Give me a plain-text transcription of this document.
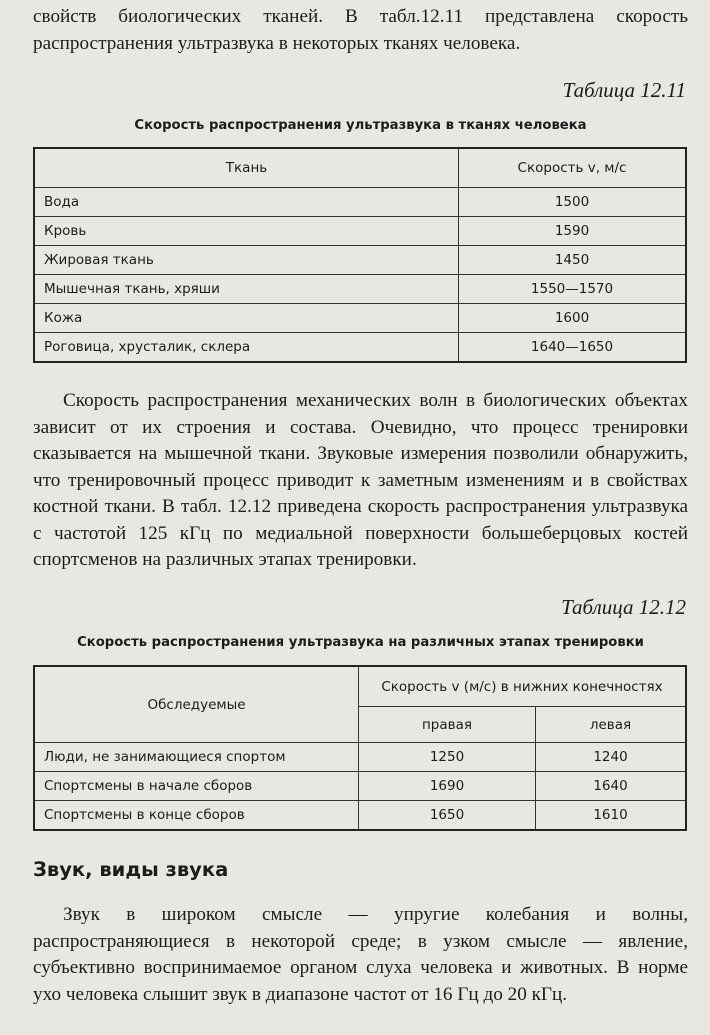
свойств биологических тканей. В табл.12.11 представлена скорость распространения ультразвука в некоторых тканях человека.

Таблица 12.11

Скорость распространения ультразвука в тканях человека

Ткань	Скорость v, м/с
Вода	1500
Кровь	1590
Жировая ткань	1450
Мышечная ткань, хряши	1550—1570
Кожа	1600
Роговица, хрусталик, склера	1640—1650

Скорость распространения механических волн в биологических объектах зависит от их строения и состава. Очевидно, что процесс тренировки сказывается на мышечной ткани. Звуковые измерения позволили обнаружить, что тренировочный процесс приводит к заметным изменениям и в свойствах костной ткани. В табл. 12.12 приведена скорость распространения ультразвука с частотой 125 кГц по медиальной поверхности большеберцовых костей спортсменов на различных этапах тренировки.

Таблица 12.12

Скорость распространения ультразвука на различных этапах тренировки

Обследуемые	Скорость v (м/с) в нижних конечностях	
	правая	левая
Люди, не занимающиеся спортом	1250	1240
Спортсмены в начале сборов	1690	1640
Спортсмены в конце сборов	1650	1610
Звук, виды звука

Звук в широком смысле — упругие колебания и волны, распространяющиеся в некоторой среде; в узком смысле — явление, субъективно воспринимаемое органом слуха человека и животных. В норме ухо человека слышит звук в диапазоне частот от 16 Гц до 20 кГц.
